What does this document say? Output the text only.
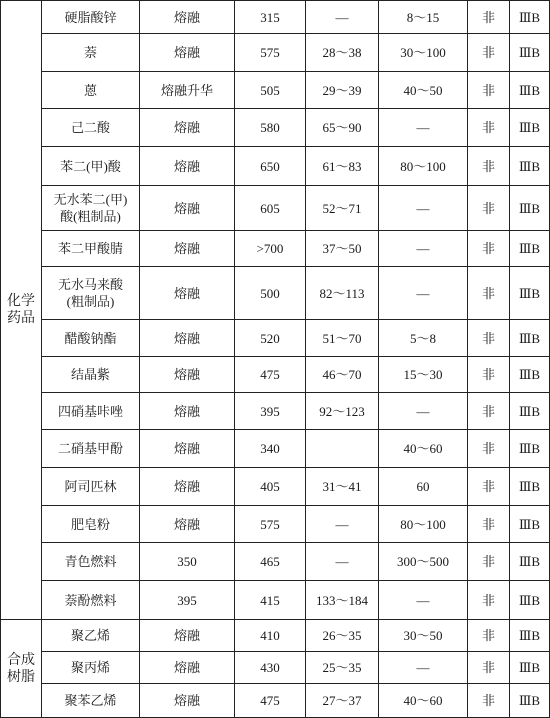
化学
药品	硬脂酸锌	熔融	315	—	8～15	非	ⅢB
	萘	熔融	575	28～38	30～100	非	ⅢB
	蒽	熔融升华	505	29～39	40～50	非	ⅢB
	己二酸	熔融	580	65～90	—	非	ⅢB
	苯二(甲)酸	熔融	650	61～83	80～100	非	ⅢB
	无水苯二(甲)
酸(粗制品)	熔融	605	52～71	—	非	ⅢB
	苯二甲酸腈	熔融	>700	37～50	—	非	ⅢB
	无水马来酸
(粗制品)	熔融	500	82～113	—	非	ⅢB
	醋酸钠酯	熔融	520	51～70	5～8	非	ⅢB
	结晶紫	熔融	475	46～70	15～30	非	ⅢB
	四硝基咔唑	熔融	395	92～123	—	非	ⅢB
	二硝基甲酚	熔融	340		40～60	非	ⅢB
	阿司匹林	熔融	405	31～41	60	非	ⅢB
	肥皂粉	熔融	575	—	80～100	非	ⅢB
	青色燃料	350	465	—	300～500	非	ⅢB
	萘酚燃料	395	415	133～184	—	非	ⅢB
合成
树脂	聚乙烯	熔融	410	26～35	30～50	非	ⅢB
	聚丙烯	熔融	430	25～35	—	非	ⅢB
	聚苯乙烯	熔融	475	27～37	40～60	非	ⅢB
